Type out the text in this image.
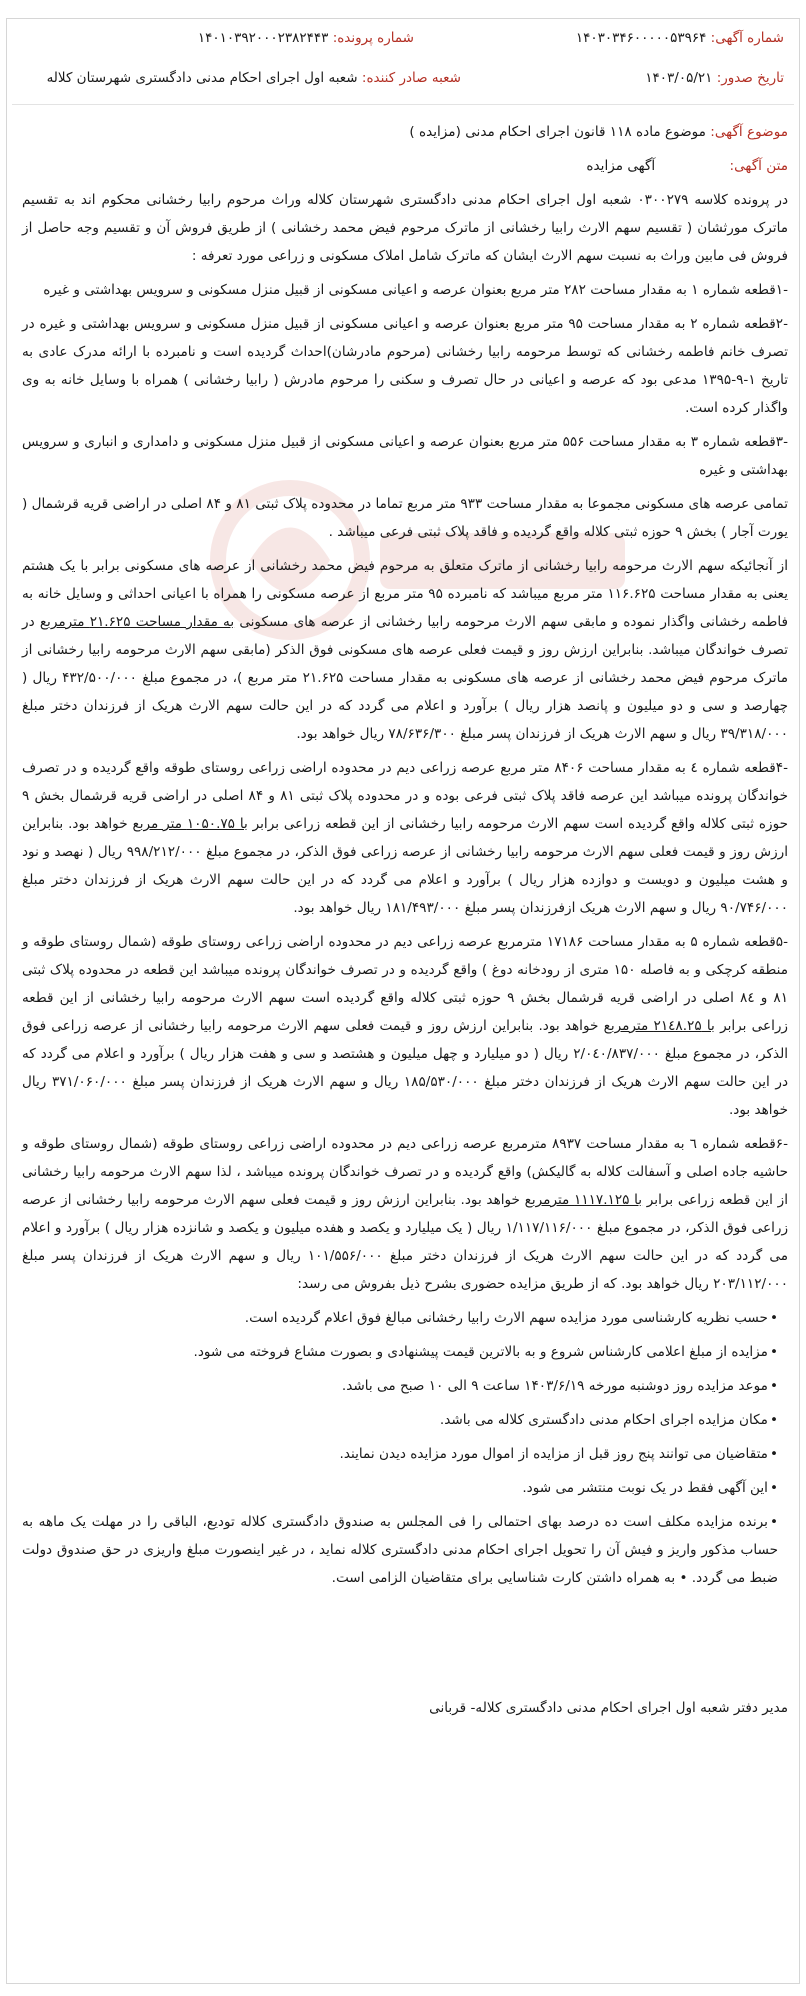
شماره آگهی: ۱۴۰۳۰۳۴۶۰۰۰۰۰۵۳۹۶۴
شماره پرونده: ۱۴۰۱۰۳۹۲۰۰۰۲۳۸۲۴۴۳
تاریخ صدور: ۱۴۰۳/۰۵/۲۱
شعبه صادر کننده: شعبه اول اجرای احکام مدنی دادگستری شهرستان کلاله

موضوع آگهی: موضوع ماده ۱۱۸ قانون اجرای احکام مدنی (مزایده )

متن آگهی: آگهی مزایده

در پرونده کلاسه ۰۳۰۰۲۷۹ شعبه اول اجرای احکام مدنی دادگستری شهرستان کلاله وراث مرحوم رابیا رخشانی محکوم اند به تقسیم ماترک مورثشان ( تقسیم سهم الارث رابیا رخشانی از ماترک مرحوم فیض محمد رخشانی ) از طریق فروش آن و تقسیم وجه حاصل از فروش فی مابین وراث به نسبت سهم الارث ایشان که ماترک شامل املاک مسکونی و زراعی مورد تعرفه :

-۱قطعه شماره ۱ به مقدار مساحت ۲۸۲ متر مربع بعنوان عرصه و اعیانی مسکونی از قبیل منزل مسکونی و سرویس بهداشتی و غیره

-۲قطعه شماره ۲ به مقدار مساحت ۹۵ متر مربع بعنوان عرصه و اعیانی مسکونی از قبیل منزل مسکونی و سرویس بهداشتی و غیره در تصرف خانم فاطمه رخشانی که توسط مرحومه رابیا رخشانی (مرحوم مادرشان)احداث گردیده است و نامبرده با ارائه مدرک عادی به تاریخ ۱-۹-۱۳۹۵ مدعی بود که عرصه و اعیانی در حال تصرف و سکنی را مرحوم مادرش ( رابیا رخشانی ) همراه با وسایل خانه به وی واگذار کرده است.

-۳قطعه شماره ۳ به مقدار مساحت ۵۵۶ متر مربع بعنوان عرصه و اعیانی مسکونی از قبیل منزل مسکونی و دامداری و انباری و سرویس بهداشتی و غیره

تمامی عرصه های مسکونی مجموعا به مقدار مساحت ۹۳۳ متر مربع تماما در محدوده پلاک ثبتی ۸۱ و ۸۴ اصلی در اراضی قریه قرشمال ( یورت آجار ) بخش ۹ حوزه ثبتی کلاله واقع گردیده و فاقد پلاک ثبتی فرعی میباشد .

از آنجائیکه سهم الارث مرحومه رابیا رخشانی از ماترک متعلق به مرحوم فیض محمد رخشانی از عرصه های مسکونی برابر با یک هشتم یعنی به مقدار مساحت ۱۱۶.۶۲۵ متر مربع میباشد که نامبرده ۹۵ متر مربع از عرصه مسکونی را همراه با اعیانی احداثی و وسایل خانه به فاطمه رخشانی واگذار نموده و مابقی سهم الارث مرحومه رابیا رخشانی از عرصه های مسکونی به مقدار مساحت ۲۱.۶۲۵ مترمربع در تصرف خواندگان میباشد. بنابراین ارزش روز و قیمت فعلی عرصه های مسکونی فوق الذکر (مابقی سهم الارث مرحومه رابیا رخشانی از ماترک مرحوم فیض محمد رخشانی از عرصه های مسکونی به مقدار مساحت ۲۱.۶۲۵ متر مربع )، در مجموع مبلغ ۴۳۲/۵۰۰/۰۰۰ ریال ( چهارصد و سی و دو میلیون و پانصد هزار ریال ) برآورد و اعلام می گردد که در این حالت سهم الارث هریک از فرزندان دختر مبلغ ۳۹/۳۱۸/۰۰۰ ریال و سهم الارث هریک از فرزندان پسر مبلغ ۷۸/۶۳۶/۳۰۰ ریال خواهد بود.

-۴قطعه شماره ٤ به مقدار مساحت ۸۴۰۶ متر مربع عرصه زراعی دیم در محدوده اراضی زراعی روستای طوقه واقع گردیده و در تصرف خواندگان پرونده میباشد این عرصه فاقد پلاک ثبتی فرعی بوده و در محدوده پلاک ثبتی ۸۱ و ۸۴ اصلی در اراضی قریه قرشمال بخش ۹ حوزه ثبتی کلاله واقع گردیده است سهم الارث مرحومه رابیا رخشانی از این قطعه زراعی برابر با ۱۰۵۰.۷۵ متر مربع خواهد بود. بنابراین ارزش روز و قیمت فعلی سهم الارث مرحومه رابیا رخشانی از عرصه زراعی فوق الذکر، در مجموع مبلغ ۹۹۸/۲۱۲/۰۰۰ ریال ( نهصد و نود و هشت میلیون و دویست و دوازده هزار ریال ) برآورد و اعلام می گردد که در این حالت سهم الارث هریک از فرزندان دختر مبلغ ۹۰/۷۴۶/۰۰۰ ریال و سهم الارث هریک ازفرزندان پسر مبلغ ۱۸۱/۴۹۳/۰۰۰ ریال خواهد بود.

-۵قطعه شماره ۵ به مقدار مساحت ۱۷۱۸۶ مترمربع عرصه زراعی دیم در محدوده اراضی زراعی روستای طوقه (شمال روستای طوقه و منطقه کرچکی و به فاصله ۱۵۰ متری از رودخانه دوغ ) واقع گردیده و در تصرف خواندگان پرونده میباشد این قطعه در محدوده پلاک ثبتی ۸۱ و ۸٤ اصلی در اراضی قریه قرشمال بخش ۹ حوزه ثبتی کلاله واقع گردیده است سهم الارث مرحومه رابیا رخشانی از این قطعه زراعی برابر با ۲۱٤۸.۲۵ مترمربع خواهد بود. بنابراین ارزش روز و قیمت فعلی سهم الارث مرحومه رابیا رخشانی از عرصه زراعی فوق الذکر، در مجموع مبلغ ۲/۰٤۰/۸۳۷/۰۰۰ ریال ( دو میلیارد و چهل میلیون و هشتصد و سی و هفت هزار ریال ) برآورد و اعلام می گردد که در این حالت سهم الارث هریک از فرزندان دختر مبلغ ۱۸۵/۵۳۰/۰۰۰ ریال و سهم الارث هریک از فرزندان پسر مبلغ ۳۷۱/۰۶۰/۰۰۰ ریال خواهد بود.

-۶قطعه شماره ٦ به مقدار مساحت ۸۹۳۷ مترمربع عرصه زراعی دیم در محدوده اراضی زراعی روستای طوقه (شمال روستای طوقه و حاشیه جاده اصلی و آسفالت کلاله به گالیکش) واقع گردیده و در تصرف خواندگان پرونده میباشد ، لذا سهم الارث مرحومه رابیا رخشانی از این قطعه زراعی برابر با ۱۱۱۷.۱۲۵ مترمربع خواهد بود. بنابراین ارزش روز و قیمت فعلی سهم الارث مرحومه رابیا رخشانی از عرصه زراعی فوق الذکر، در مجموع مبلغ ۱/۱۱۷/۱۱۶/۰۰۰ ریال ( یک میلیارد و یکصد و هفده میلیون و یکصد و شانزده هزار ریال ) برآورد و اعلام می گردد که در این حالت سهم الارث هریک از فرزندان دختر مبلغ ۱۰۱/۵۵۶/۰۰۰ ریال و سهم الارث هریک از فرزندان پسر مبلغ ۲۰۳/۱۱۲/۰۰۰ ریال خواهد بود. که از طریق مزایده حضوری بشرح ذیل بفروش می رسد:

• حسب نظریه کارشناسی مورد مزایده سهم الارث رابیا رخشانی مبالغ فوق اعلام گردیده است.

• مزایده از مبلغ اعلامی کارشناس شروع و به بالاترین قیمت پیشنهادی و بصورت مشاع فروخته می شود.

• موعد مزایده روز دوشنبه مورخه ۱۴۰۳/۶/۱۹ ساعت ۹ الی ۱۰ صبح می باشد.

• مکان مزایده اجرای احکام مدنی دادگستری کلاله می باشد.

• متقاضیان می توانند پنج روز قبل از مزایده از اموال مورد مزایده دیدن نمایند.

• این آگهی فقط در یک نوبت منتشر می شود.

• برنده مزایده مکلف است ده درصد بهای احتمالی را فی المجلس به صندوق دادگستری کلاله تودیع، الباقی را در مهلت یک ماهه به حساب مذکور واریز و فیش آن را تحویل اجرای احکام مدنی دادگستری کلاله نماید ، در غیر اینصورت مبلغ واریزی در حق صندوق دولت ضبط می گردد. • به همراه داشتن کارت شناسایی برای متقاضیان الزامی است.

مدیر دفتر شعبه اول اجرای احکام مدنی دادگستری کلاله- قربانی
